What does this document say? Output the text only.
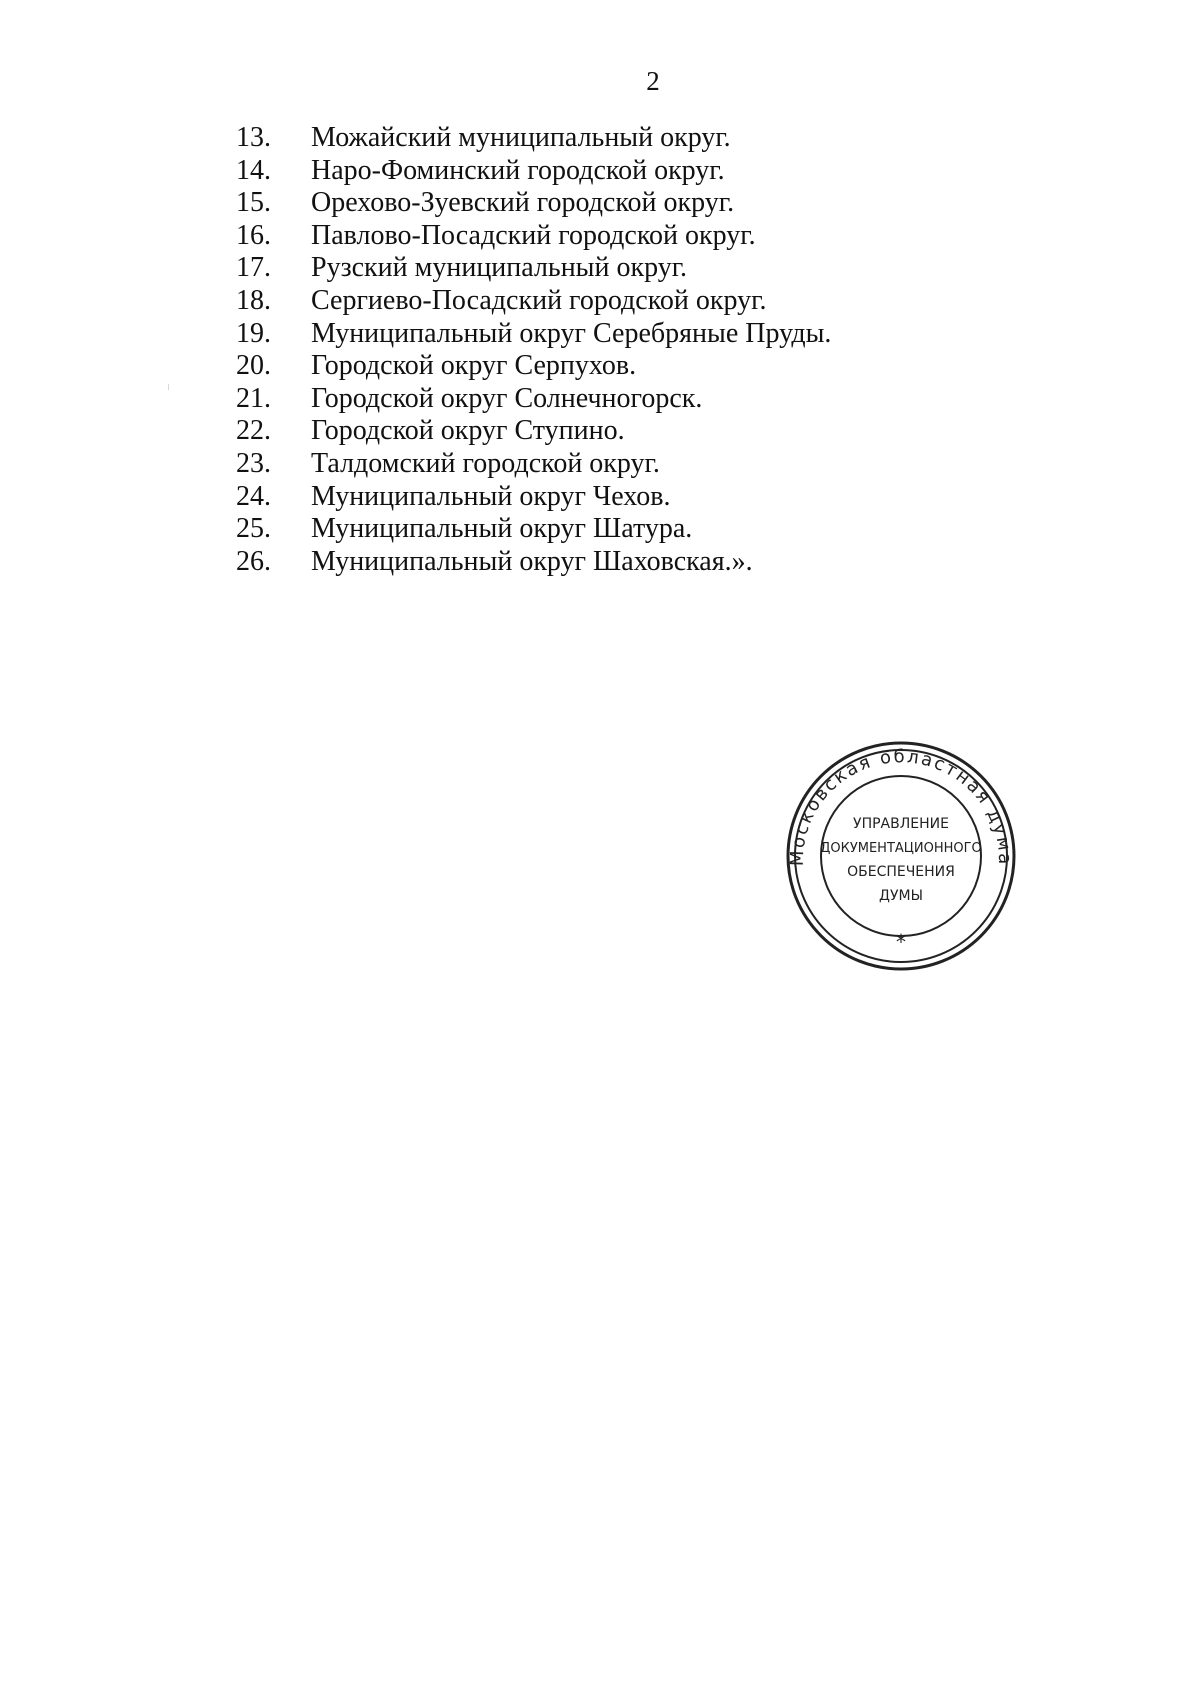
2
13.	Можайский муниципальный округ.
14.	Наро-Фоминский городской округ.
15.	Орехово-Зуевский городской округ.
16.	Павлово-Посадский городской округ.
17.	Рузский муниципальный округ.
18.	Сергиево-Посадский городской округ.
19.	Муниципальный округ Серебряные Пруды.
20.	Городской округ Серпухов.
21.	Городской округ Солнечногорск.
22.	Городской округ Ступино.
23.	Талдомский городской округ.
24.	Муниципальный округ Чехов.
25.	Муниципальный округ Шатура.
26.	Муниципальный округ Шаховская.».
Московская областная дума
УПРАВЛЕНИЕ
ДОКУМЕНТАЦИОННОГО
ОБЕСПЕЧЕНИЯ
ДУМЫ
*
